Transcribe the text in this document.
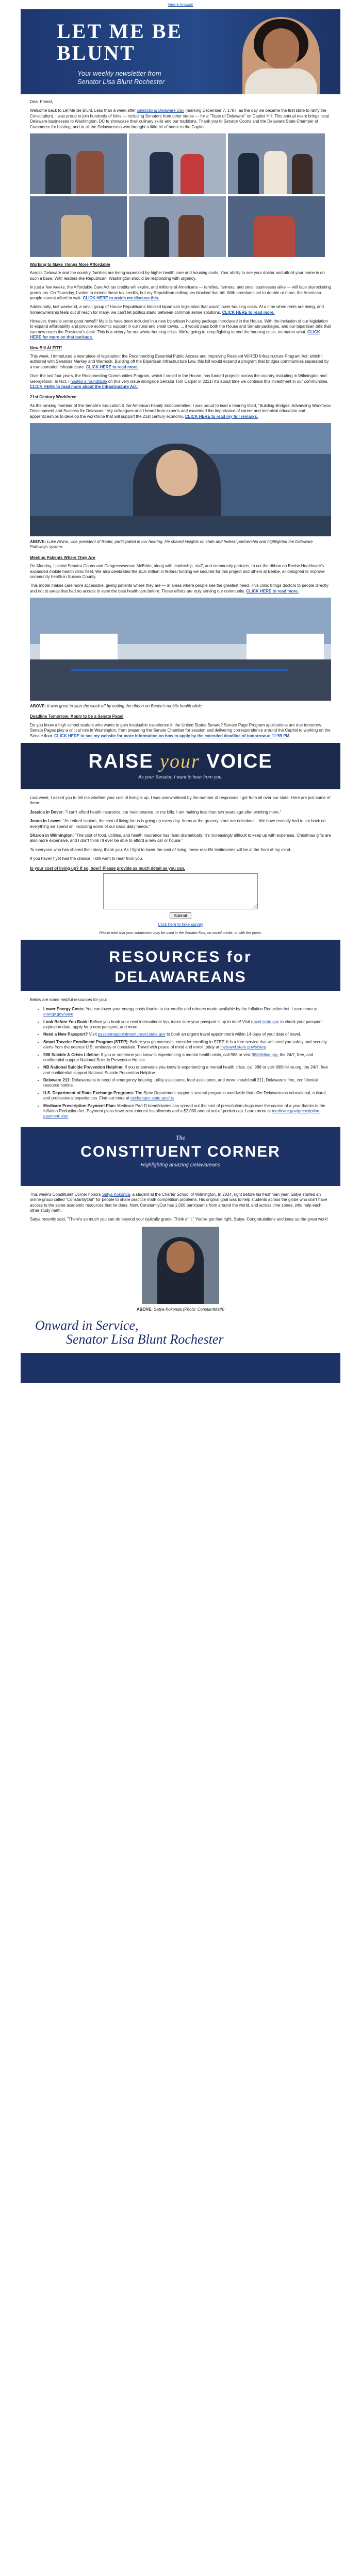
View in browser
LET ME BE
BLUNT
Your weekly newsletter from
Senator Lisa Blunt Rochester

Dear Friend,

Welcome back to Let Me Be Blunt. Less than a week after celebrating Delaware Day (marking December 7, 1787, as the day we became the first state to ratify the Constitution), I was proud to join hundreds of folks — including Senators from other states — for a "Taste of Delaware" on Capitol Hill. This annual event brings local Delaware businesses to Washington, DC to showcase their culinary skills and our traditions. Thank you to Senator Coons and the Delaware State Chamber of Commerce for hosting, and to all the Delawareans who brought a little bit of home to the Capitol.

Working to Make Things More Affordable

Across Delaware and the country, families are being squeezed by higher health care and housing costs. Your ability to see your doctor and afford your home is on such a base. With leaders like Republican, Washington should be responding with urgency.

In just a few weeks, the Affordable Care Act tax credits will expire, and millions of Americans — families, farmers, and small businesses alike — will face skyrocketing premiums. On Thursday, I voted to extend these tax credits, but my Republican colleagues blocked that bill. With premiums set to double or more, the American people cannot afford to wait. CLICK HERE to watch me discuss this.

Additionally, last weekend, a small group of House Republicans blocked bipartisan legislation that would lower housing costs. At a time when rents are rising, and homeownership feels out of reach for many, we can't let politics stand between common sense solutions. CLICK HERE to read more.

However, there is some good news!!! My bills have been included in a new bipartisan housing package introduced in the House. With the inclusion of our legislation to expand affordability and provide economic support in our rural and small towns, ... it would pass both the House and Senate packages, and our bipartisan bills that can now reach the President's desk. This is a victory for our whole housing crisis. We're going to keep fighting to end the housing crisis, no matter what. CLICK HERE for more on that package.

New Bill ALERT!

This week, I introduced a new piece of legislation: the Reconnecting Essential Public Access and Improving Resident WIRED Infrastructure Program Act, which I authored with Senators Markey and Warnock. Building off the Bipartisan Infrastructure Law, this bill would expand a program that bridges communities separated by a transportation infrastructure. CLICK HERE to read more.

Over the last four years, the Reconnecting Communities Program, which I co-led in the House, has funded projects across the country, including in Wilmington and Georgetown. In fact, I hosted a roundtable on this very issue alongside Senator Tom Carper in 2021! It's about time we continue this investment in our communities. CLICK HERE to read more about the Infrastructure Act.

21st Century Workforce

As the ranking member of the Senate's Education & the American Family Subcommittee, I was proud to lead a hearing titled, "Building Bridges: Advancing Workforce Development and Success for Delaware." My colleagues and I heard from experts and examined the importance of career and technical education and apprenticeships to develop the workforce that will support the 21st century economy. CLICK HERE to read my full remarks.

ABOVE: Luke Rhine, vice president of Rodel, participated in our hearing. He shared insights on state and federal partnership and highlighted the Delaware Pathways system.

Meeting Patients Where They Are

On Monday, I joined Senator Coons and Congresswoman McBride, along with leadership, staff, and community partners, to cut the ribbon on Beebe Healthcare's expanded mobile health clinic fleet. We also celebrated the $1.6 million in federal funding we secured for this project and others at Beebe, all designed to improve community health in Sussex County.

This model makes care more accessible, giving patients where they are — in areas where people see the greatest need. This clinic brings doctors to people directly and not to areas that had no access to even the best healthcare before. These efforts are truly serving our community. CLICK HERE to read more.

ABOVE: It was great to start the week off by cutting the ribbon on Beebe's mobile health clinic.

Deadline Tomorrow: Apply to be a Senate Page!

Do you know a high school student who wants to gain invaluable experience in the United States Senate? Senate Page Program applications are due tomorrow. Senate Pages play a critical role in Washington, from preparing the Senate Chamber for session and delivering correspondence around the Capitol to working on the Senate floor. CLICK HERE to see my website for more information on how to apply by the extended deadline of tomorrow at 11:59 PM.

RAISE your VOICE
As your Senator, I want to hear from you.

Last week, I asked you to tell me whether your cost of living is up. I was overwhelmed by the number of responses I got from all over our state. Here are just some of them:

Jessica in Dover: "I can't afford health insurance, car maintenance, or my bills. I am making less than two years ago after working more."

Jason in Lewes: "As retired seniors, the cost of living for us is going up every day. Items at the grocery store are ridiculous... We have recently had to cut back on everything we spend on, including some of our basic daily needs."

Sharon in Wilmington: "The cost of food, utilities, and health insurance has risen dramatically. It's increasingly difficult to keep up with expenses. Christmas gifts are also more expensive, and I don't think I'll ever be able to afford a new car or house."

To everyone who has shared their story, thank you. As I fight to lower the cost of living, these real-life testimonies will be at the front of my mind.

If you haven't yet had the chance, I still want to hear from you.

Is your cost of living up? If so, how? Please provide as much detail as you can.
Submit

Click here to take survey

Please note that your submission may be used in the Senator floor, on social media, or with the press.

RESOURCES for
DELAWAREANS

Below are some helpful resources for you:

• Lower Energy Costs: You can lower your energy costs thanks to tax credits and rebates made available by the Inflation Reduction Act. Learn more at energy.gov/save
• Look Before You Book: Before you book your next international trip, make sure your passport is up to date! Visit travel.state.gov to check your passport expiration date, apply for a new passport, and more.
• Need a New Passport? Visit passportappointment.travel.state.gov to book an urgent travel appointment within 14 days of your date of travel.
• Smart Traveler Enrollment Program (STEP): Before you go overseas, consider enrolling in STEP. It is a free service that will send you safety and security alerts from the nearest U.S. embassy or consulate. Travel with peace of mind and enroll today at mytravel.state.gov/s/step
• 988 Suicide & Crisis Lifeline: If you or someone you know is experiencing a mental health crisis, call 988 or visit 988lifeline.org, the 24/7, free, and confidential support National Suicide Prevention Hotline.
• NB National Suicide Prevention Helpline: If you or someone you know is experiencing a mental health crisis, call 988 or visit 988lifeline.org, the 24/7, free and confidential support National Suicide Prevention Helpline.
• Delaware 211: Delawareans in need of emergency housing, utility assistance, food assistance, and more should call 211, Delaware's free, confidential resource hotline.
• U.S. Department of State Exchange Programs: The State Department supports several programs worldwide that offer Delawareans educational, cultural, and professional experiences. Find out more at exchanges.state.gov/us
• Medicare Prescription Payment Plan: Medicare Part D beneficiaries can spread out the cost of prescription drugs over the course of a year thanks to the Inflation Reduction Act. Payment plans have zero-interest installments and a $2,000 annual out-of-pocket cap. Learn more at medicare.gov/prescription-payment-plan
The
CONSTITUENT CORNER
Highlighting amazing Delawareans

This week's Constituent Corner honors Satya Kokonda, a student at the Charter School of Wilmington. In 2024, right before his freshman year, Satya started an online group called "ConstantlyOut" for people to share practice math competition problems. His original goal was to help students across the globe who don't have access to the same academic resources that he does. Now, ConstantlyOut has 1,000 participants from around the world, and across time zones, who help each other study math.

Satya recently said, "There's so much you can do beyond your typically grade. Think of it." You've got that right, Satya. Congratulations and keep up the great work!

ABOVE: Satya Kokonda (Photo: ConstantMath)

Onward in Service,
Senator Lisa Blunt Rochester
